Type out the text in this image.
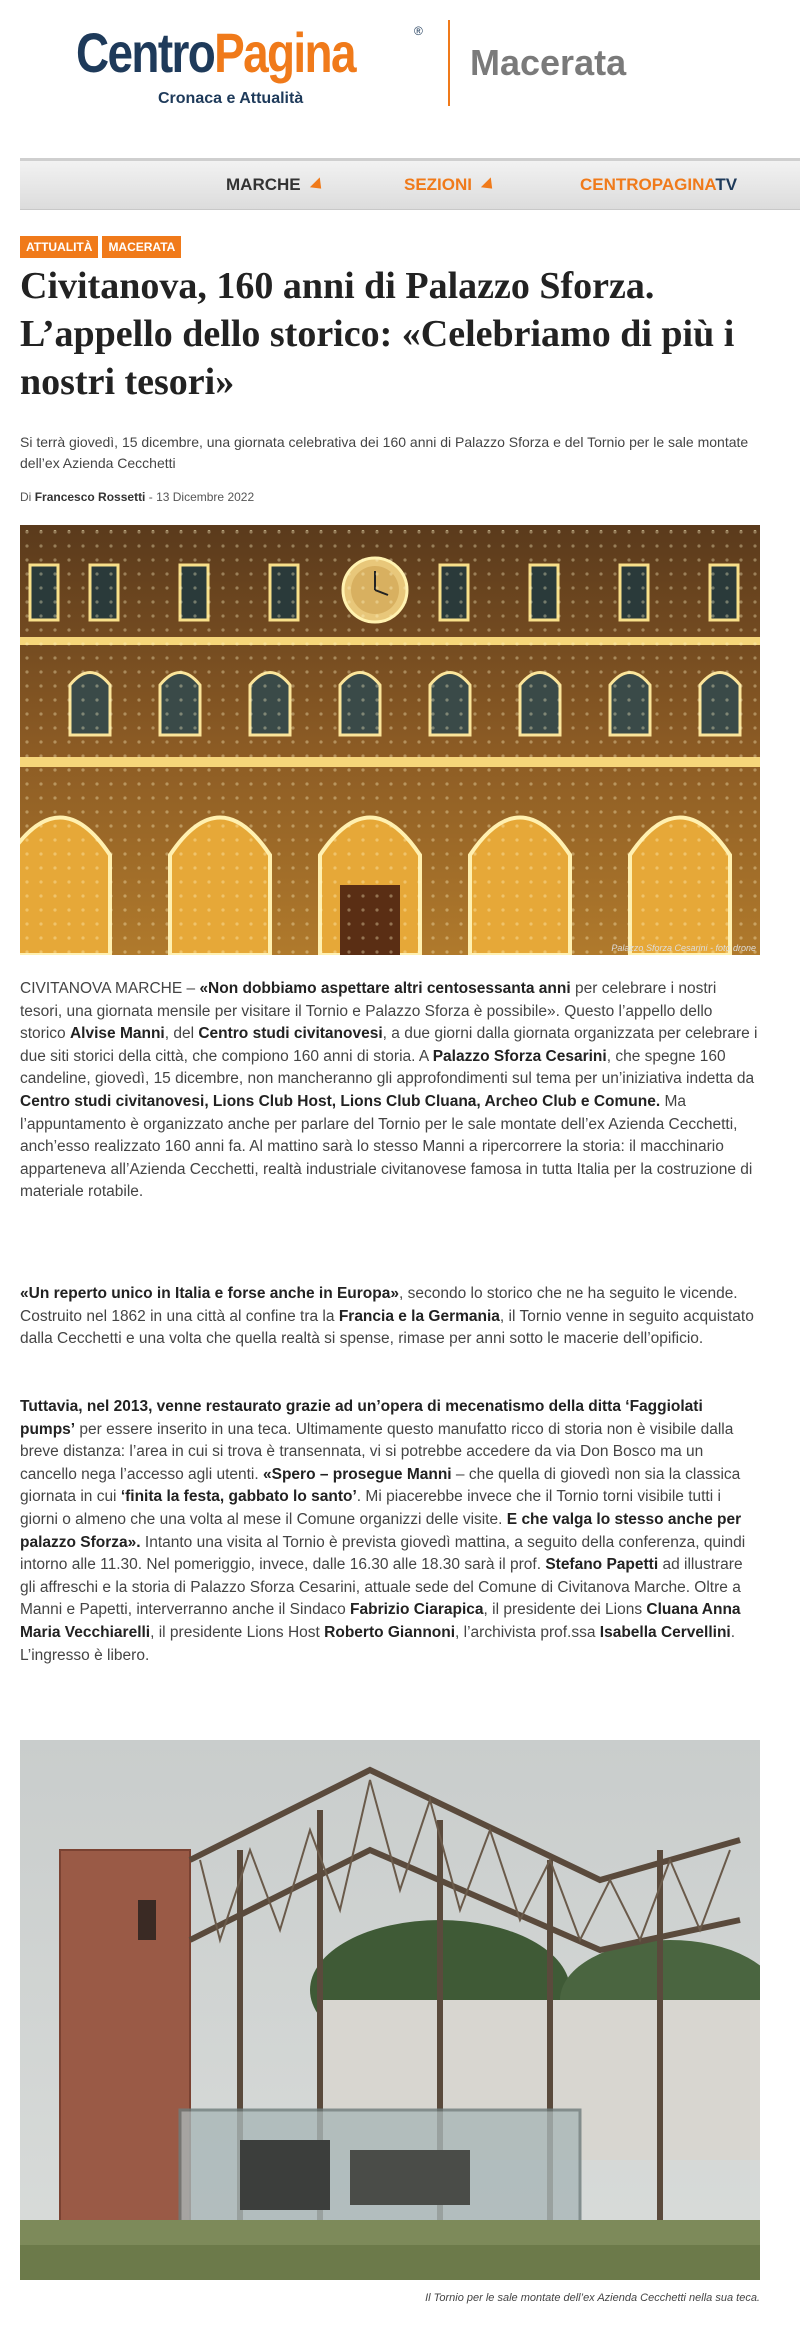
CentroPagina	®
Cronaca e Attualità
Macerata
MARCHE	SEZIONI	CENTROPAGINATV
ATTUALITÀ	MACERATA
Civitanova, 160 anni di Palazzo Sforza. L’appello dello storico: «Celebriamo di più i nostri tesori»

Si terrà giovedì, 15 dicembre, una giornata celebrativa dei 160 anni di Palazzo Sforza e del Tornio per le sale montate dell’ex Azienda Cecchetti

Di Francesco Rossetti - 13 Dicembre 2022
Palazzo Sforza Cesarini - foto drone

CIVITANOVA MARCHE – «Non dobbiamo aspettare altri centosessanta anni per celebrare i nostri tesori, una giornata mensile per visitare il Tornio e Palazzo Sforza è possibile». Questo l’appello dello storico Alvise Manni, del Centro studi civitanovesi, a due giorni dalla giornata organizzata per celebrare i due siti storici della città, che compiono 160 anni di storia. A Palazzo Sforza Cesarini, che spegne 160 candeline, giovedì, 15 dicembre, non mancheranno gli approfondimenti sul tema per un’iniziativa indetta da Centro studi civitanovesi, Lions Club Host, Lions Club Cluana, Archeo Club e Comune. Ma l’appuntamento è organizzato anche per parlare del Tornio per le sale montate dell’ex Azienda Cecchetti, anch’esso realizzato 160 anni fa. Al mattino sarà lo stesso Manni a ripercorrere la storia: il macchinario apparteneva all’Azienda Cecchetti, realtà industriale civitanovese famosa in tutta Italia per la costruzione di materiale rotabile.

«Un reperto unico in Italia e forse anche in Europa», secondo lo storico che ne ha seguito le vicende. Costruito nel 1862 in una città al confine tra la Francia e la Germania, il Tornio venne in seguito acquistato dalla Cecchetti e una volta che quella realtà si spense, rimase per anni sotto le macerie dell’opificio.

Tuttavia, nel 2013, venne restaurato grazie ad un’opera di mecenatismo della ditta ‘Faggiolati pumps’ per essere inserito in una teca. Ultimamente questo manufatto ricco di storia non è visibile dalla breve distanza: l’area in cui si trova è transennata, vi si potrebbe accedere da via Don Bosco ma un cancello nega l’accesso agli utenti. «Spero – prosegue Manni – che quella di giovedì non sia la classica giornata in cui ‘finita la festa, gabbato lo santo’. Mi piacerebbe invece che il Tornio torni visibile tutti i giorni o almeno che una volta al mese il Comune organizzi delle visite. E che valga lo stesso anche per palazzo Sforza». Intanto una visita al Tornio è prevista giovedì mattina, a seguito della conferenza, quindi intorno alle 11.30. Nel pomeriggio, invece, dalle 16.30 alle 18.30 sarà il prof. Stefano Papetti ad illustrare gli affreschi e la storia di Palazzo Sforza Cesarini, attuale sede del Comune di Civitanova Marche. Oltre a Manni e Papetti, interverranno anche il Sindaco Fabrizio Ciarapica, il presidente dei Lions Cluana Anna Maria Vecchiarelli, il presidente Lions Host Roberto Giannoni, l’archivista prof.ssa Isabella Cervellini. L’ingresso è libero.

Il Tornio per le sale montate dell’ex Azienda Cecchetti nella sua teca.
